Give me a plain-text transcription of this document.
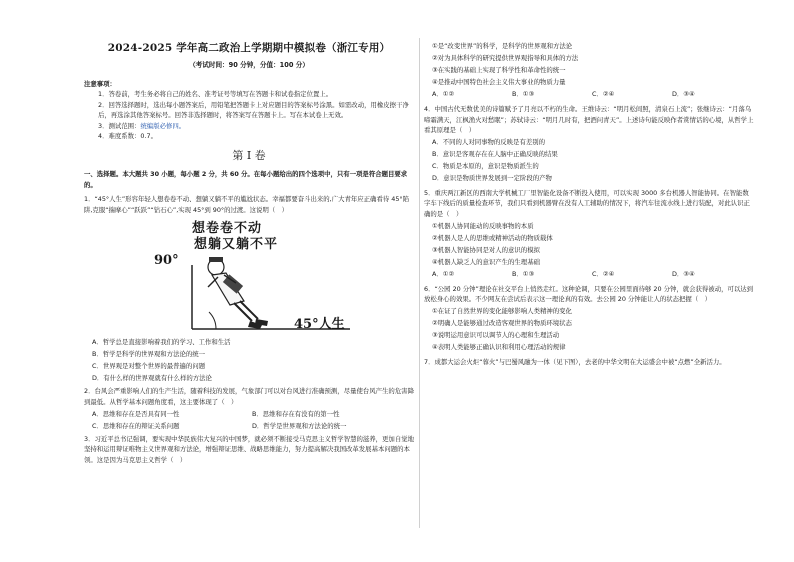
2024-2025 学年高二政治上学期期中模拟卷（浙江专用）

（考试时间：90 分钟，分值：100 分）

注意事项：

1．答卷前，考生务必将自己的姓名、准考证号等填写在答题卡和试卷指定位置上。

2．回答选择题时，选出每小题答案后，用铅笔把答题卡上对应题目的答案标号涂黑。如需改动，用橡皮擦干净后，再选涂其他答案标号。回答非选择题时，将答案写在答题卡上。写在本试卷上无效。

3．测试范围：统编版必修四。

4．难度系数：0.7。

第 I 卷

一、选择题。本大题共 30 小题，每小题 2 分，共 60 分。在每小题给出的四个选项中，只有一项是符合题目要求的。

1．“45°人生”形容年轻人想卷卷不动、想躺又躺不平的尴尬状态。幸福都要奋斗出来的,广大青年应正确看待 45°陷阱,克服“揣摩心”“跃跃”“钻石心”,实现 45°到 90°的过渡。这说明（　）

想卷卷不动
想躺又躺不平
90°
45°人生

A．哲学总是直接影响着我们的学习、工作和生活

B．哲学是科学的世界观和方法论的统一

C．世界观是对整个世界的最普遍的问题

D．有什么样的世界观就有什么样的方法论

2．台风会严重影响人们的生产生活，随着科技的发展，气象部门可以对台风进行准确预测，尽量使台风产生的危害降到最低。从哲学基本问题角度看，这主要体现了（　）

A．思维和存在是否具有同一性	B．思维和存在有没有的第一性
C．思维和存在的辩证关系问题	D．哲学是世界观和方法论的统一

3．习近平总书记强调，要实现中华民族伟大复兴的中国梦，就必须不断接受马克思主义哲学智慧的滋养，更加自觉地坚持和运用辩证唯物主义世界观和方法论，增强辩证思维、战略思维能力，努力提高解决我国改革发展基本问题的本领。这是因为马克思主义哲学（　）

①是“改变世界”的科学，是科学的世界观和方法论

②对为具体科学的研究提供世界观指导和具体的方法

③在实践的基础上实现了科学性和革命性的统一

④是推动中国特色社会主义伟大事业的物质力量

A．①②	B．①③	C．②④	D．③④

4．中国古代无数优美的诗篇赋予了月亮以不朽的生命。王维诗云：“明月松间照，清泉石上流”；张继诗云：“月落乌啼霜满天，江枫渔火对愁眠”；苏轼诗云：“明月几时有，把酒问青天”。上述诗句能反映作者赏情话的心境，从哲学上看其原理是（　）

A．不同的人对同事物的反映是有差别的

B．意识是客观存在在人脑中正确反映的结果

C．物质是本原的，意识是物质派生的

D．意识是物质世界发展到一定阶段的产物

5．重庆两江新区的西南大学机械工厂里智能化设备不断投入使用，可以实现 3000 多台机器人智能协同。在智能数字车下线后的质量检查环节，我们只看到机器臂在没有人工辅助的情况下，将汽车往流水线上进行装配，对此认识正确的是（　）

①机器人协同能动的反映事物的本质

②机器人是人的思维或精神活动的物质载体

③机器人智能协同是对人的意识的模拟

④机器人缺乏人的意识产生的生理基础

A．①②	B．①③	C．②④	D．③④

6．“公园 20 分钟”理论在社交平台上悄然走红。这种论调，只要在公园里面待够 20 分钟，就会获得被动，可以达到放松身心的效果。不少网友在尝试后表示这一理论真的有效。去公园 20 分钟能让人的状态把握（　）

①在证了自然世界的变化能够影响人类精神的变化

②明确人是能够通过改造客观世界的物质环境状态

③说明运用意识可以调节人的心理和生理活动

④表明人类能够正确认识和利用心理活动的规律

7．成都大运会火炬“蓉火”与巴蜀风融为一体（见下图），去老的中华文明在大运盛会中被“点燃”全新活力。
